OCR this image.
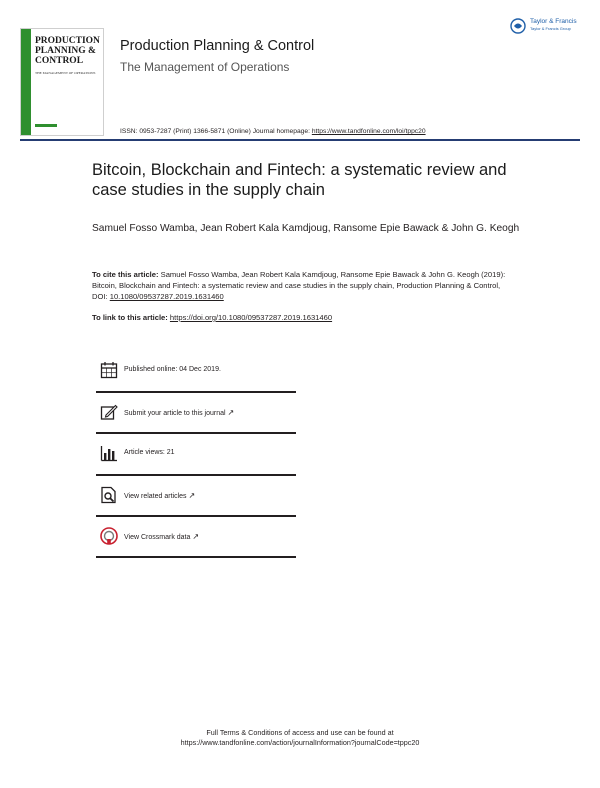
PRODUCTION
PLANNING &
CONTROL
THE MANAGEMENT OF OPERATIONS
Production Planning & Control
The Management of Operations
Taylor & Francis
Taylor & Francis Group
ISSN: 0953-7287 (Print) 1366-5871 (Online) Journal homepage: https://www.tandfonline.com/loi/tppc20
Bitcoin, Blockchain and Fintech: a systematic review and case studies in the supply chain
Samuel Fosso Wamba, Jean Robert Kala Kamdjoug, Ransome Epie Bawack & John G. Keogh
To cite this article: Samuel Fosso Wamba, Jean Robert Kala Kamdjoug, Ransome Epie Bawack & John G. Keogh (2019): Bitcoin, Blockchain and Fintech: a systematic review and case studies in the supply chain, Production Planning & Control, DOI: 10.1080/09537287.2019.1631460
To link to this article: https://doi.org/10.1080/09537287.2019.1631460
Published online: 04 Dec 2019.
Submit your article to this journal ↗
Article views: 21
View related articles ↗
View Crossmark data ↗
Full Terms & Conditions of access and use can be found at
https://www.tandfonline.com/action/journalInformation?journalCode=tppc20
